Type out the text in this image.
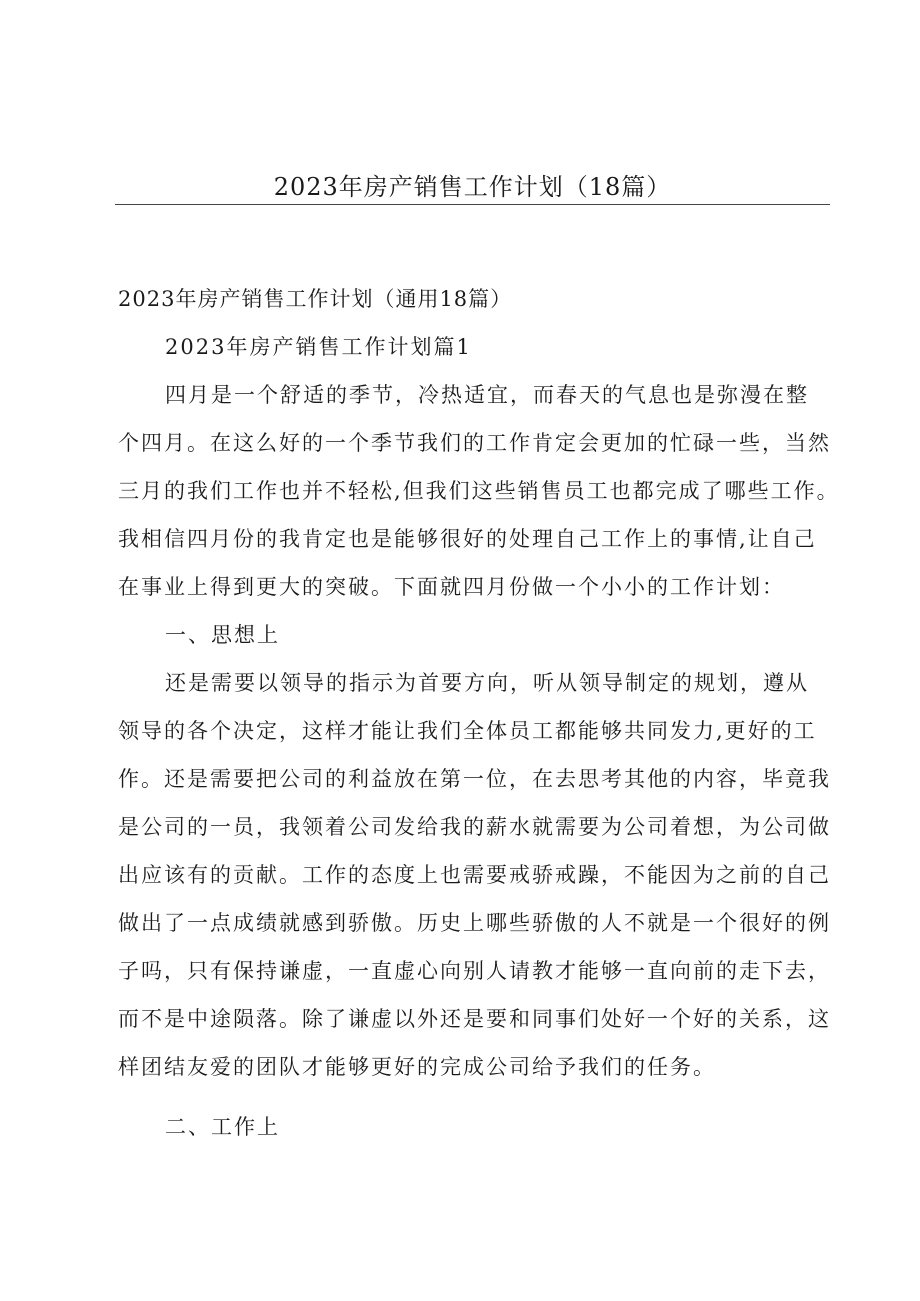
2023年房产销售工作计划（18篇）

2023年房产销售工作计划（通用18篇）

2023年房产销售工作计划篇1

四月是一个舒适的季节，冷热适宜，而春天的气息也是弥漫在整

个四月。在这么好的一个季节我们的工作肯定会更加的忙碌一些，当然

三月的我们工作也并不轻松,但我们这些销售员工也都完成了哪些工作。

我相信四月份的我肯定也是能够很好的处理自己工作上的事情,让自己

在事业上得到更大的突破。下面就四月份做一个小小的工作计划：

一、思想上

还是需要以领导的指示为首要方向，听从领导制定的规划，遵从

领导的各个决定，这样才能让我们全体员工都能够共同发力,更好的工

作。还是需要把公司的利益放在第一位，在去思考其他的内容，毕竟我

是公司的一员，我领着公司发给我的薪水就需要为公司着想，为公司做

出应该有的贡献。工作的态度上也需要戒骄戒躁，不能因为之前的自己

做出了一点成绩就感到骄傲。历史上哪些骄傲的人不就是一个很好的例

子吗，只有保持谦虚，一直虚心向别人请教才能够一直向前的走下去，

而不是中途陨落。除了谦虚以外还是要和同事们处好一个好的关系，这

样团结友爱的团队才能够更好的完成公司给予我们的任务。

二、工作上
